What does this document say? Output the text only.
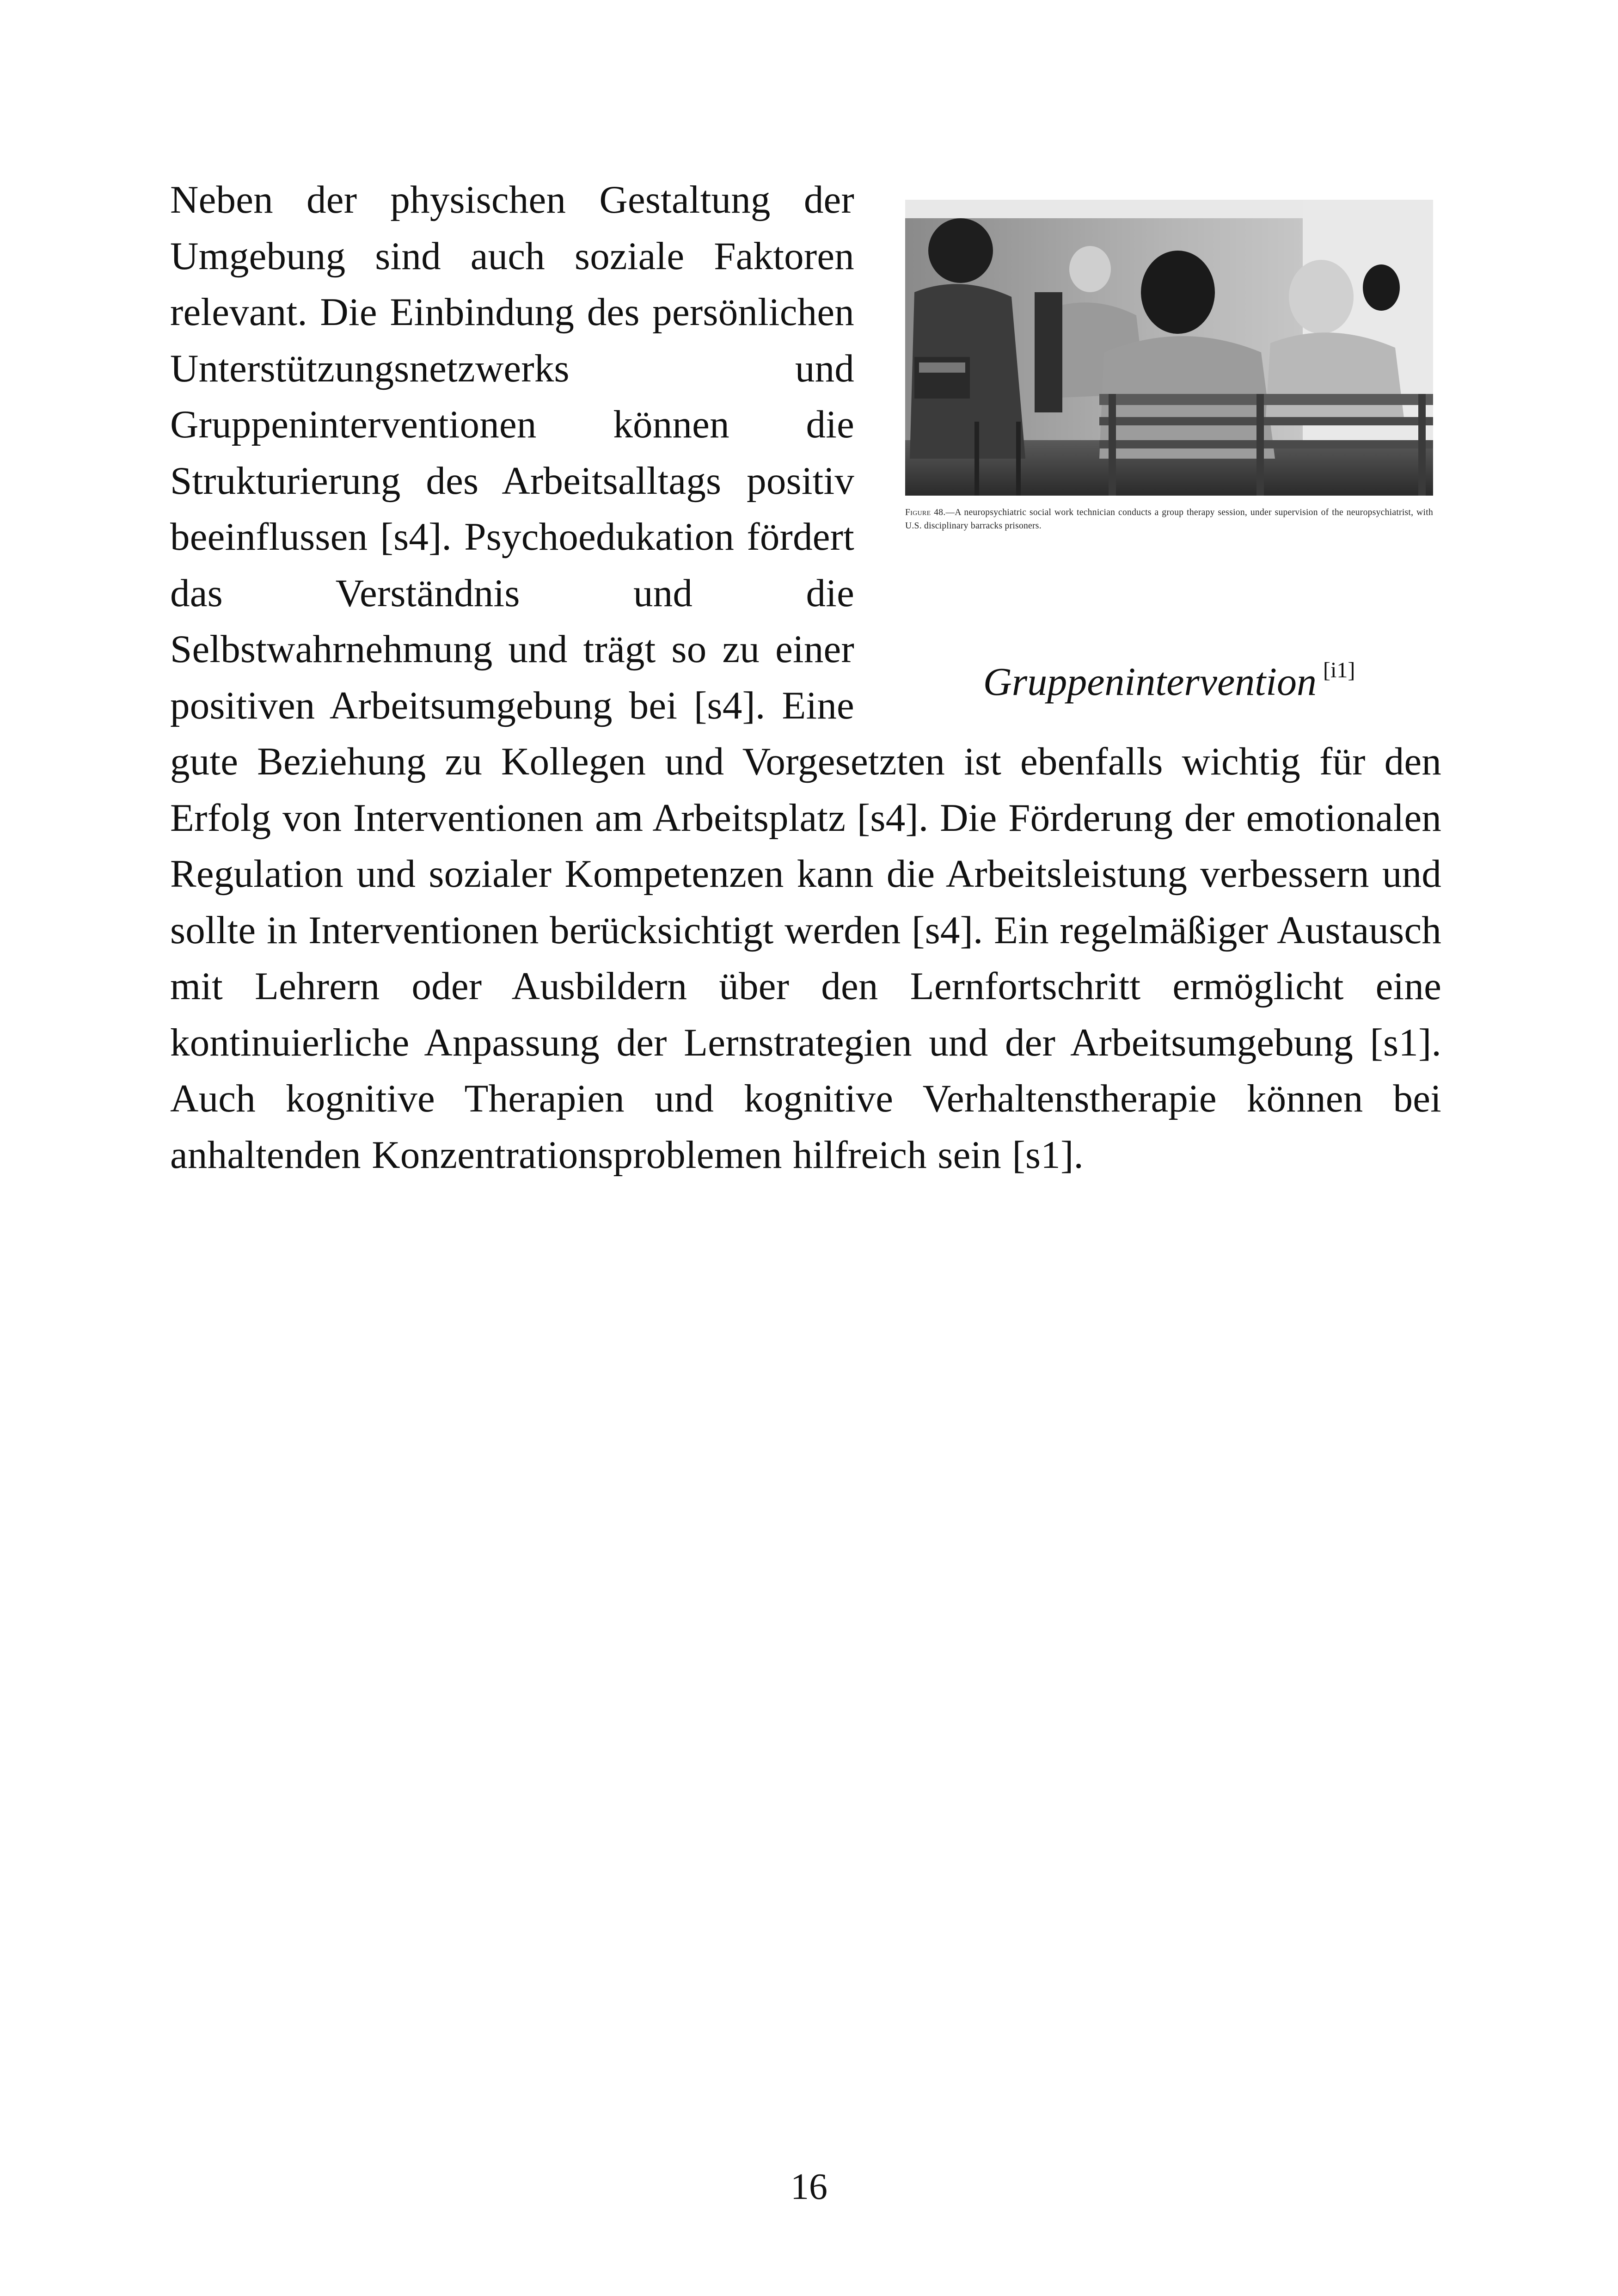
Figure 48.—A neuropsychiatric social work technician conducts a group therapy session, under supervision of the neuropsychiatrist, with U.S. disciplinary barracks prisoners.
Gruppenintervention [i1]

Neben der physischen Gestaltung der Umgebung sind auch soziale Faktoren relevant. Die Einbindung des persönlichen Unterstützungsnetzwerks und Gruppeninterventionen können die Strukturierung des Arbeitsalltags positiv beeinflussen [s4]. Psychoedukation fördert das Verständnis und die Selbstwahrnehmung und trägt so zu einer positiven Arbeitsumgebung bei [s4]. Eine gute Beziehung zu Kollegen und Vorgesetzten ist ebenfalls wichtig für den Erfolg von Interventionen am Arbeitsplatz [s4]. Die Förderung der emotionalen Regulation und sozialer Kompetenzen kann die Arbeitsleistung verbessern und sollte in Interventionen berücksichtigt werden [s4]. Ein regelmäßiger Austausch mit Lehrern oder Ausbildern über den Lernfortschritt ermöglicht eine kontinuierliche Anpassung der Lernstrategien und der Arbeitsumgebung [s1]. Auch kognitive Therapien und kognitive Verhaltenstherapie können bei anhaltenden Konzentrationsproblemen hilfreich sein [s1].

16
